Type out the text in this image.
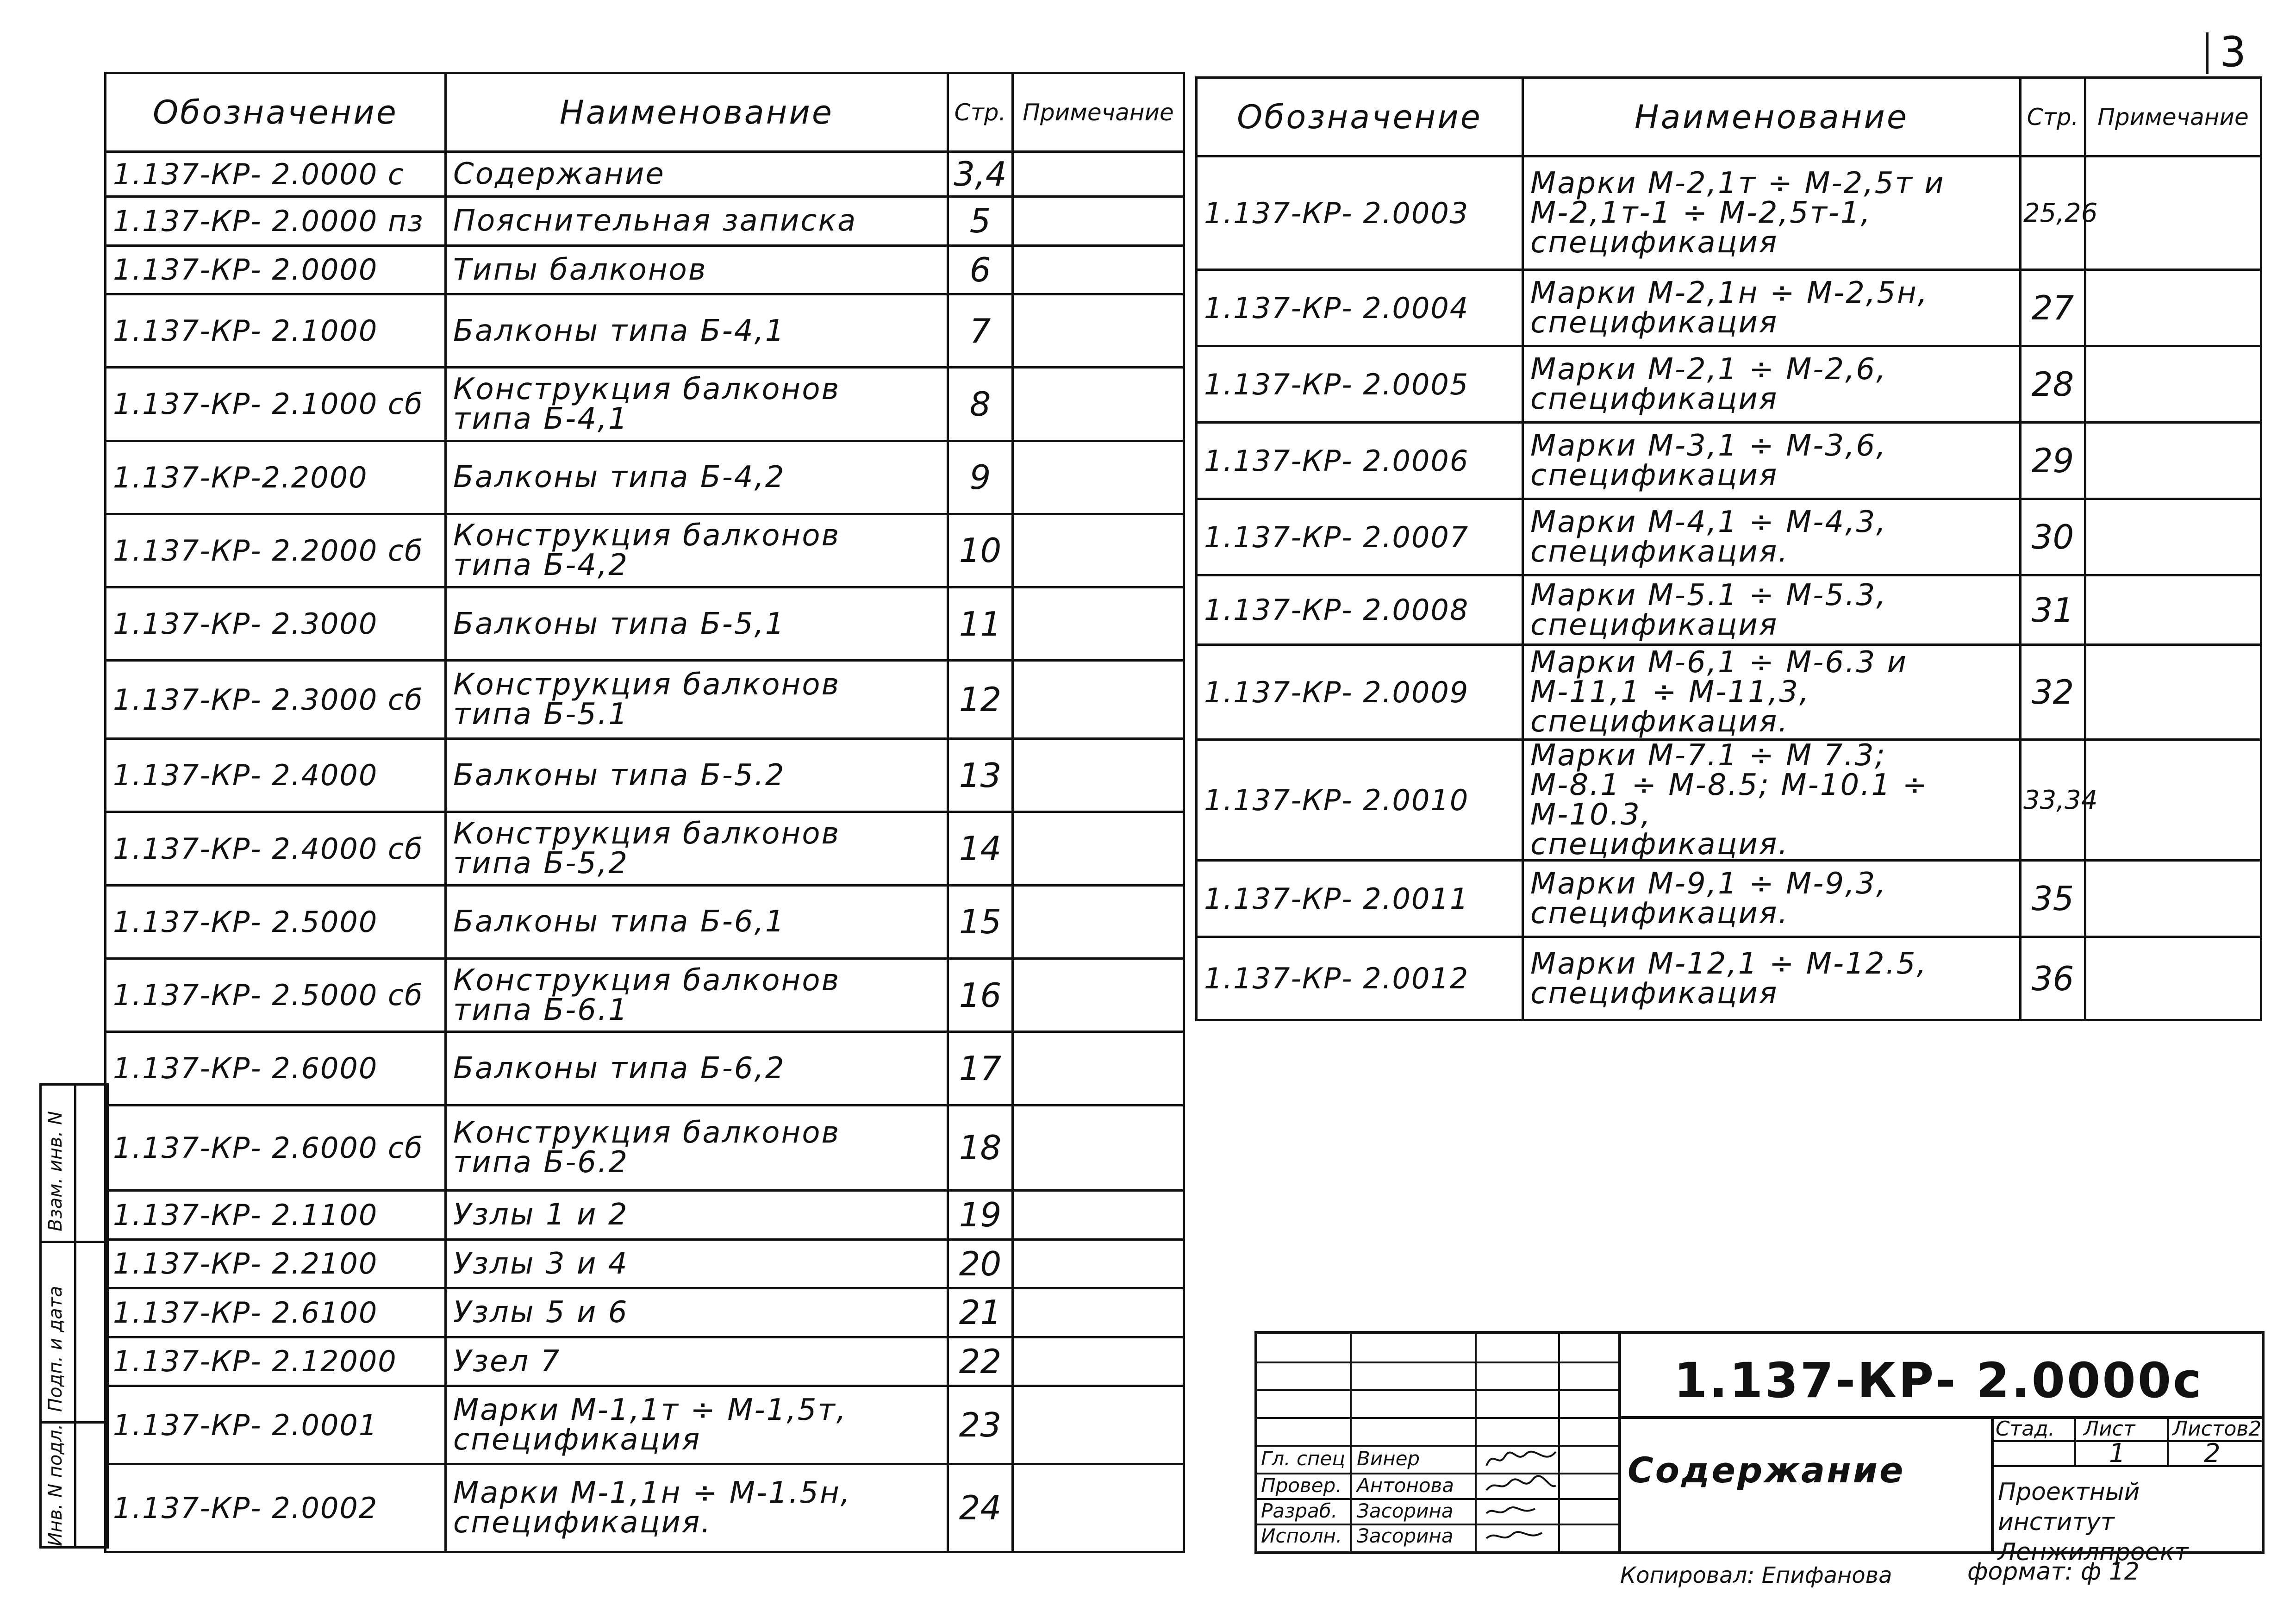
3
Обозначение	Наименование	Стр.	Примечание
1.137-КР- 2.0000 с	Содержание	3,4	
1.137-КР- 2.0000 пз	Пояснительная записка	5	
1.137-КР- 2.0000	Типы балконов	6	
1.137-КР- 2.1000	Балконы типа Б-4,1	7	
1.137-КР- 2.1000 сб	Конструкция балконов
типа Б-4,1	8	
1.137-КР-2.2000	Балконы типа Б-4,2	9	
1.137-КР- 2.2000 сб	Конструкция балконов
типа Б-4,2	10	
1.137-КР- 2.3000	Балконы типа Б-5,1	11	
1.137-КР- 2.3000 сб	Конструкция балконов
типа Б-5.1	12	
1.137-КР- 2.4000	Балконы типа Б-5.2	13	
1.137-КР- 2.4000 сб	Конструкция балконов
типа Б-5,2	14	
1.137-КР- 2.5000	Балконы типа Б-6,1	15	
1.137-КР- 2.5000 сб	Конструкция балконов
типа Б-6.1	16	
1.137-КР- 2.6000	Балконы типа Б-6,2	17	
1.137-КР- 2.6000 сб	Конструкция балконов
типа Б-6.2	18	
1.137-КР- 2.1100	Узлы 1 и 2	19	
1.137-КР- 2.2100	Узлы 3 и 4	20	
1.137-КР- 2.6100	Узлы 5 и 6	21	
1.137-КР- 2.12000	Узел 7	22	
1.137-КР- 2.0001	Марки М-1,1т ÷ М-1,5т,
спецификация	23	
1.137-КР- 2.0002	Марки М-1,1н ÷ М-1.5н,
спецификация.	24	
Обозначение	Наименование	Стр.	Примечание
1.137-КР- 2.0003	Марки М-2,1т ÷ М-2,5т и
М-2,1т-1 ÷ М-2,5т-1,
спецификация	25,26	
1.137-КР- 2.0004	Марки М-2,1н ÷ М-2,5н,
спецификация	27	
1.137-КР- 2.0005	Марки М-2,1 ÷ М-2,6,
спецификация	28	
1.137-КР- 2.0006	Марки М-3,1 ÷ М-3,6,
спецификация	29	
1.137-КР- 2.0007	Марки М-4,1 ÷ М-4,3,
спецификация.	30	
1.137-КР- 2.0008	Марки М-5.1 ÷ М-5.3,
спецификация	31	
1.137-КР- 2.0009	Марки М-6,1 ÷ М-6.3 и
М-11,1 ÷ М-11,3,
спецификация.	32	
1.137-КР- 2.0010	Марки М-7.1 ÷ М 7.3;
М-8.1 ÷ М-8.5; М-10.1 ÷ М-10.3,
спецификация.	33,34	
1.137-КР- 2.0011	Марки М-9,1 ÷ М-9,3,
спецификация.	35	
1.137-КР- 2.0012	Марки М-12,1 ÷ М-12.5,
спецификация	36	
Инв. N подл.
Подп. и дата
Взам. инв. N
Гл. спец Винер
Провер. Антонова
Разраб. Засорина
Исполн. Засорина
1.137-КР- 2.0000с
Содержание
Стад. Лист Листов2
1	2
Проектный институт
Ленжилпроект
Копировал: Епифанова	формат: ф 12
